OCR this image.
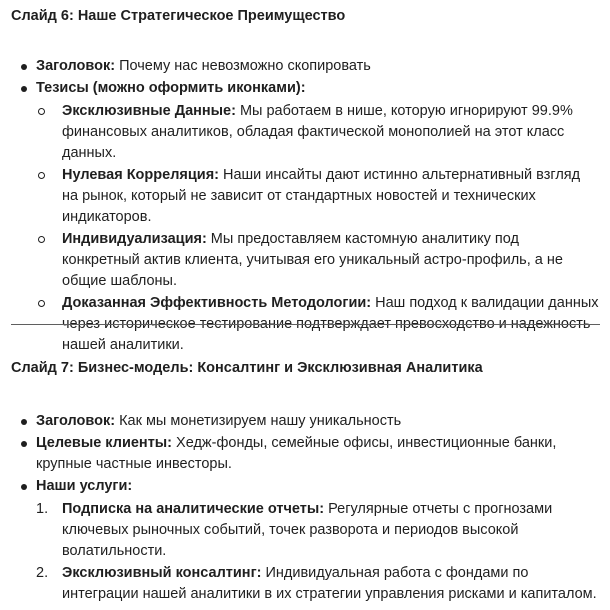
Слайд 6: Наше Стратегическое Преимущество
Заголовок: Почему нас невозможно скопировать
Тезисы (можно оформить иконками):
Эксклюзивные Данные: Мы работаем в нише, которую игнорируют 99.9% финансовых аналитиков, обладая фактической монополией на этот класс данных.
Нулевая Корреляция: Наши инсайты дают истинно альтернативный взгляд на рынок, который не зависит от стандартных новостей и технических индикаторов.
Индивидуализация: Мы предоставляем кастомную аналитику под конкретный актив клиента, учитывая его уникальный астро-профиль, а не общие шаблоны.
Доказанная Эффективность Методологии: Наш подход к валидации данных через историческое тестирование подтверждает превосходство и надежность нашей аналитики.
Слайд 7: Бизнес-модель: Консалтинг и Эксклюзивная Аналитика
Заголовок: Как мы монетизируем нашу уникальность
Целевые клиенты: Хедж-фонды, семейные офисы, инвестиционные банки, крупные частные инвесторы.
Наши услуги:
1. Подписка на аналитические отчеты: Регулярные отчеты с прогнозами ключевых рыночных событий, точек разворота и периодов высокой волатильности.
2. Эксклюзивный консалтинг: Индивидуальная работа с фондами по интеграции нашей аналитики в их стратегии управления рисками и капиталом.
